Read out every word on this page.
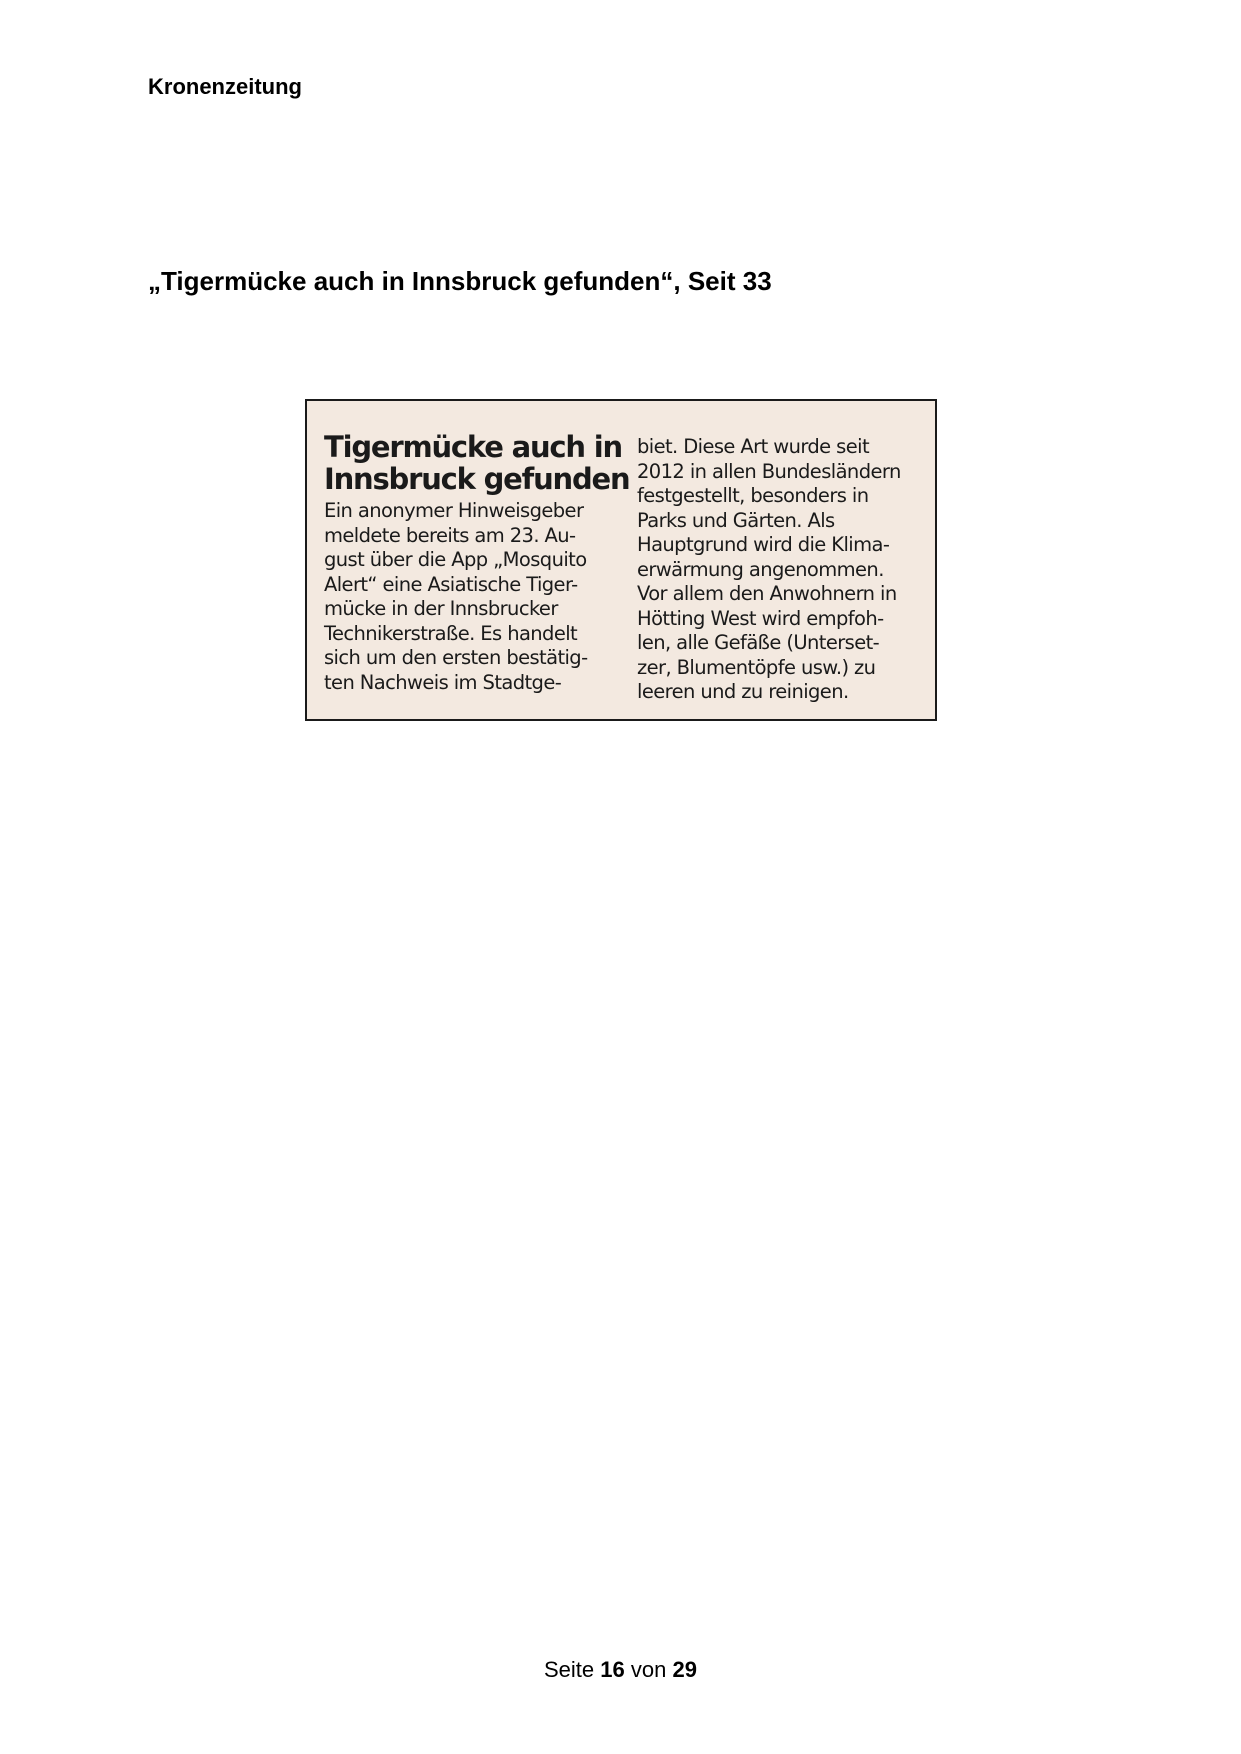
Kronenzeitung
„Tigermücke auch in Innsbruck gefunden“, Seit 33
Tigermücke auch in
Innsbruck gefunden
Ein anonymer Hinweisgeber
meldete bereits am 23. Au-
gust über die App „Mosquito
Alert“ eine Asiatische Tiger-
mücke in der Innsbrucker
Technikerstraße. Es handelt
sich um den ersten bestätig-
ten Nachweis im Stadtge-
biet. Diese Art wurde seit
2012 in allen Bundesländern
festgestellt, besonders in
Parks und Gärten. Als
Hauptgrund wird die Klima-
erwärmung angenommen.
Vor allem den Anwohnern in
Hötting West wird empfoh-
len, alle Gefäße (Unterset-
zer, Blumentöpfe usw.) zu
leeren und zu reinigen.
Seite 16 von 29
